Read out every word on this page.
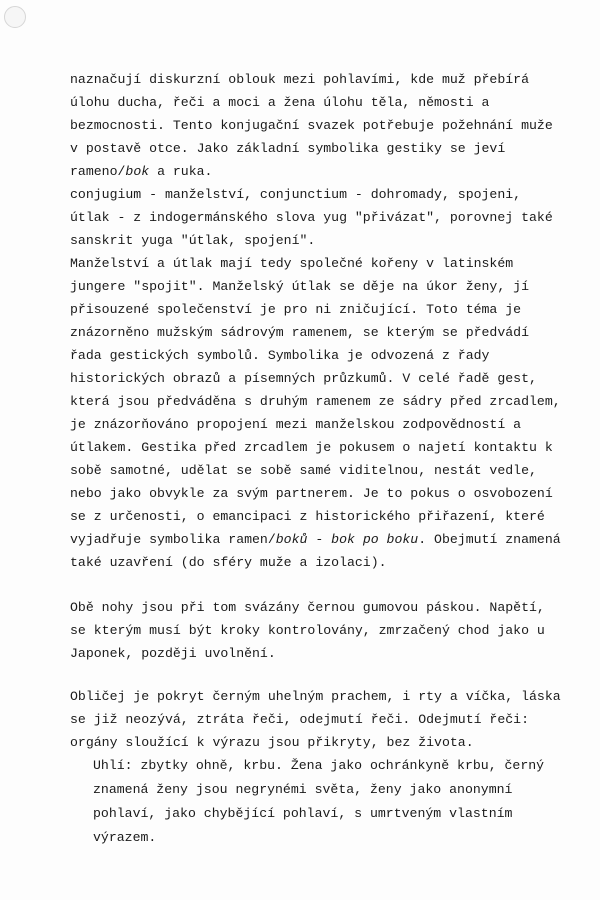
naznačují diskurzní oblouk mezi pohlavími, kde muž přebírá
úlohu ducha, řeči a moci a žena úlohu těla, němosti a
bezmocnosti. Tento konjugační svazek potřebuje požehnání muže
v postavě otce. Jako základní symbolika gestiky se jeví
rameno/bok a ruka.
conjugium - manželství, conjunctium - dohromady, spojeni,
útlak - z indogermánského slova yug "přivázat", porovnej také
sanskrit yuga "útlak, spojení".
Manželství a útlak mají tedy společné kořeny v latinském
jungere "spojit". Manželský útlak se děje na úkor ženy, jí
přisouzené společenství je pro ni zničující. Toto téma je
znázorněno mužským sádrovým ramenem, se kterým se předvádí
řada gestických symbolů. Symbolika je odvozená z řady
historických obrazů a písemných průzkumů. V celé řadě gest,
která jsou předváděna s druhým ramenem ze sádry před zrcadlem,
je znázorňováno propojení mezi manželskou zodpovědností a
útlakem. Gestika před zrcadlem je pokusem o najetí kontaktu k
sobě samotné, udělat se sobě samé viditelnou, nestát vedle,
nebo jako obvykle za svým partnerem. Je to pokus o osvobození
se z určenosti, o emancipaci z historického přiřazení, které
vyjadřuje symbolika ramen/boků - bok po boku. Obejmutí znamená
také uzavření (do sféry muže a izolaci).
Obě nohy jsou při tom svázány černou gumovou páskou. Napětí,
se kterým musí být kroky kontrolovány, zmrzačený chod jako u
Japonek, později uvolnění.
Obličej je pokryt černým uhelným prachem, i rty a víčka, láska
se již neozývá, ztráta řeči, odejmutí řeči. Odejmutí řeči:
orgány sloužící k výrazu jsou přikryty, bez života.
Uhlí: zbytky ohně, krbu. Žena jako ochránkyně krbu, černý
znamená ženy jsou negrynémi světa, ženy jako anonymní
pohlaví, jako chybějící pohlaví, s umrtveným vlastním
výrazem.
